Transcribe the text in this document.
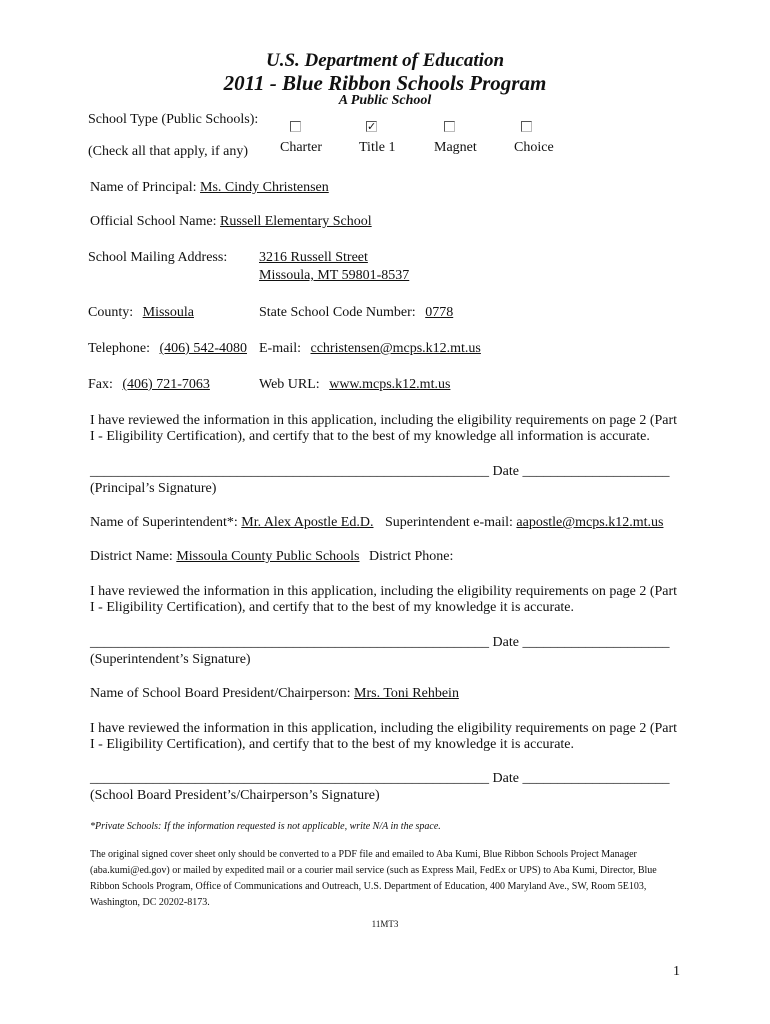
U.S. Department of Education
2011 - Blue Ribbon Schools Program
A Public School
School Type (Public Schools):
(Check all that apply, if any)
✓
Charter	Title 1	Magnet	Choice
Name of Principal: Ms. Cindy Christensen
Official School Name: Russell Elementary School
School Mailing Address: 3216 Russell Street
Missoula, MT 59801-8537
County: Missoula	State School Code Number: 0778
Telephone: (406) 542-4080 E-mail: cchristensen@mcps.k12.mt.us
Fax: (406) 721-7063	Web URL: www.mcps.k12.mt.us
I have reviewed the information in this application, including the eligibility requirements on page 2 (Part I - Eligibility Certification), and certify that to the best of my knowledge all information is accurate.
_________________________________________________________ Date _____________________
(Principal’s Signature)
Name of Superintendent*: Mr. Alex Apostle Ed.D. Superintendent e-mail: aapostle@mcps.k12.mt.us
District Name: Missoula County Public Schools District Phone:
I have reviewed the information in this application, including the eligibility requirements on page 2 (Part I - Eligibility Certification), and certify that to the best of my knowledge it is accurate.
_________________________________________________________ Date _____________________
(Superintendent’s Signature)
Name of School Board President/Chairperson: Mrs. Toni Rehbein
I have reviewed the information in this application, including the eligibility requirements on page 2 (Part I - Eligibility Certification), and certify that to the best of my knowledge it is accurate.
_________________________________________________________ Date _____________________
(School Board President’s/Chairperson’s Signature)
*Private Schools: If the information requested is not applicable, write N/A in the space.
The original signed cover sheet only should be converted to a PDF file and emailed to Aba Kumi, Blue Ribbon Schools Project Manager (aba.kumi@ed.gov) or mailed by expedited mail or a courier mail service (such as Express Mail, FedEx or UPS) to Aba Kumi, Director, Blue Ribbon Schools Program, Office of Communications and Outreach, U.S. Department of Education, 400 Maryland Ave., SW, Room 5E103, Washington, DC 20202-8173.
11MT3
1
